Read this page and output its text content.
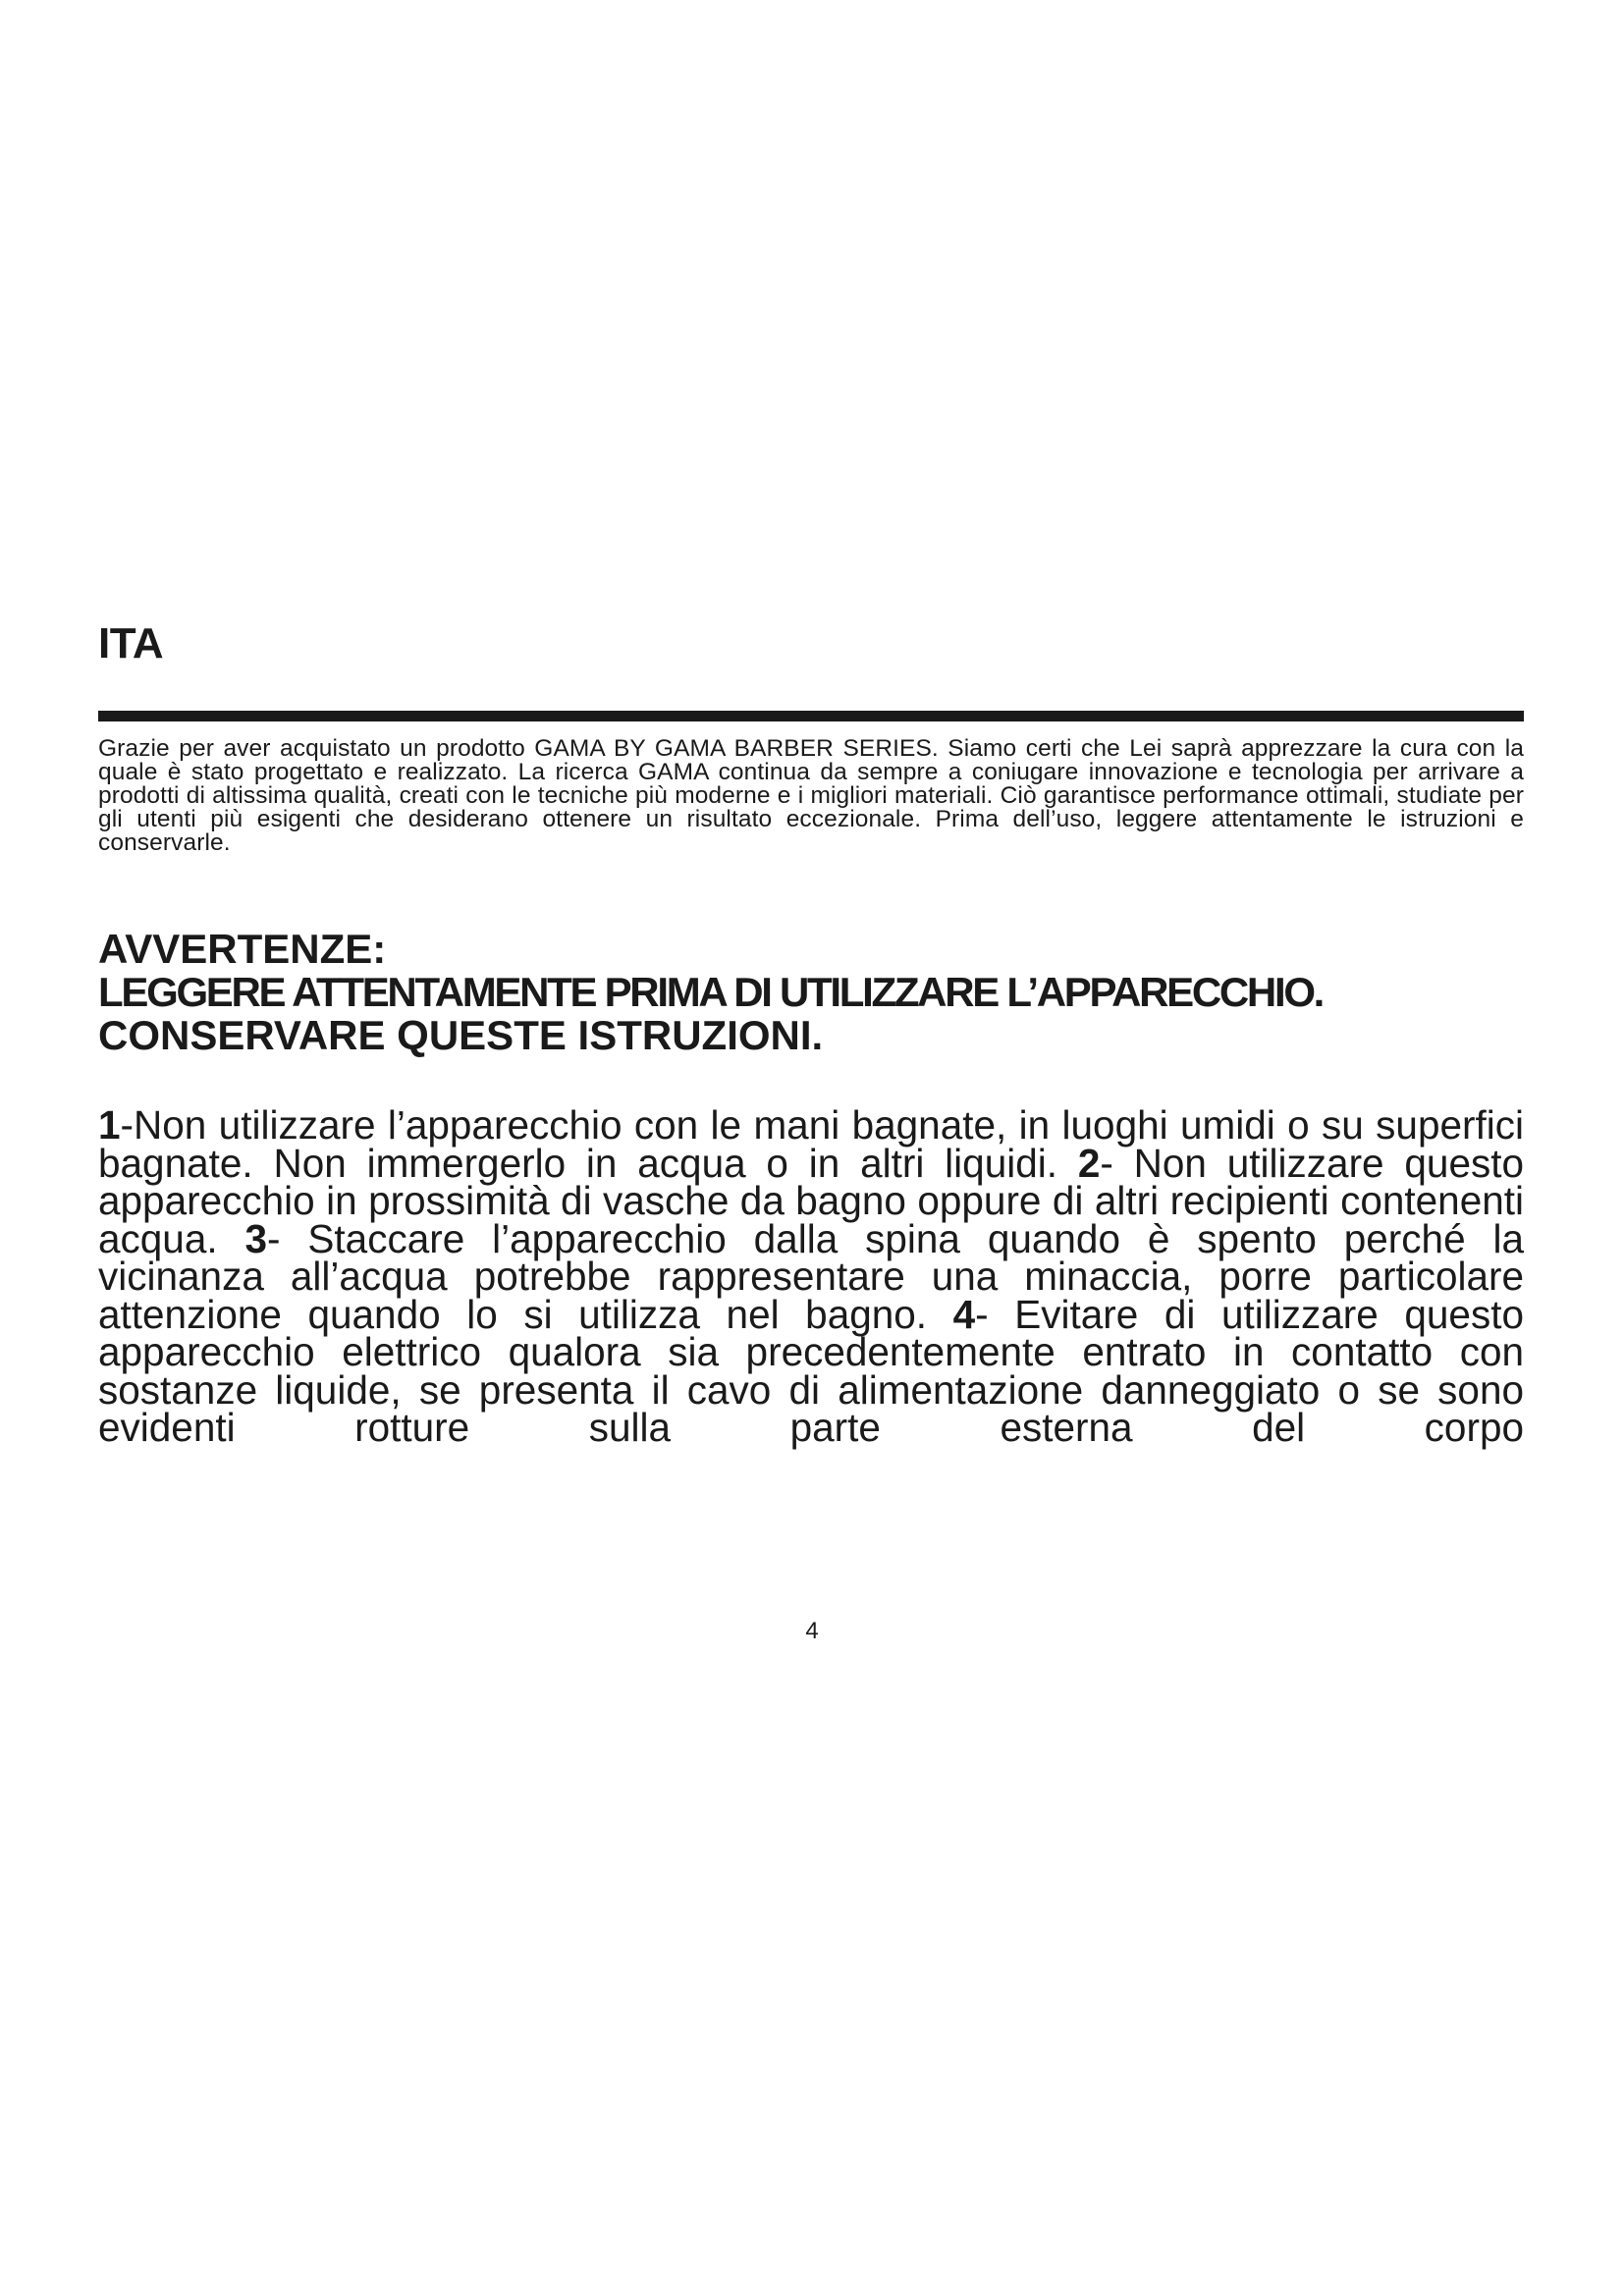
ITA

Grazie per aver acquistato un prodotto GAMA BY GAMA BARBER SERIES. Siamo certi che Lei saprà apprezzare la cura con la quale è stato progettato e realizzato. La ricerca GAMA continua da sempre a coniugare innovazione e tecnologia per arrivare a prodotti di altissima qualità, creati con le tecniche più moderne e i migliori materiali. Ciò garantisce performance ottimali, studiate per gli utenti più esigenti che desiderano ottenere un risultato eccezionale. Prima dell’uso, leggere attentamente le istruzioni e conservarle.

AVVERTENZE:
LEGGERE ATTENTAMENTE PRIMA DI UTILIZZARE L’APPARECCHIO.
CONSERVARE QUESTE ISTRUZIONI.

1-Non utilizzare l’apparecchio con le mani bagnate, in luoghi umidi o su superfici bagnate. Non immergerlo in acqua o in altri liquidi. 2- Non utilizzare questo apparecchio in prossimità di vasche da bagno oppure di altri recipienti contenenti acqua. 3- Staccare l’apparecchio dalla spina quando è spento perché la vicinanza all’acqua potrebbe rappresentare una minaccia, porre particolare attenzione quando lo si utilizza nel bagno. 4- Evitare di utilizzare questo apparecchio elettrico qualora sia precedentemente entrato in contatto con sostanze liquide, se presenta il cavo di alimentazione danneggiato o se sono evidenti rotture sulla parte esterna del corpo

4
